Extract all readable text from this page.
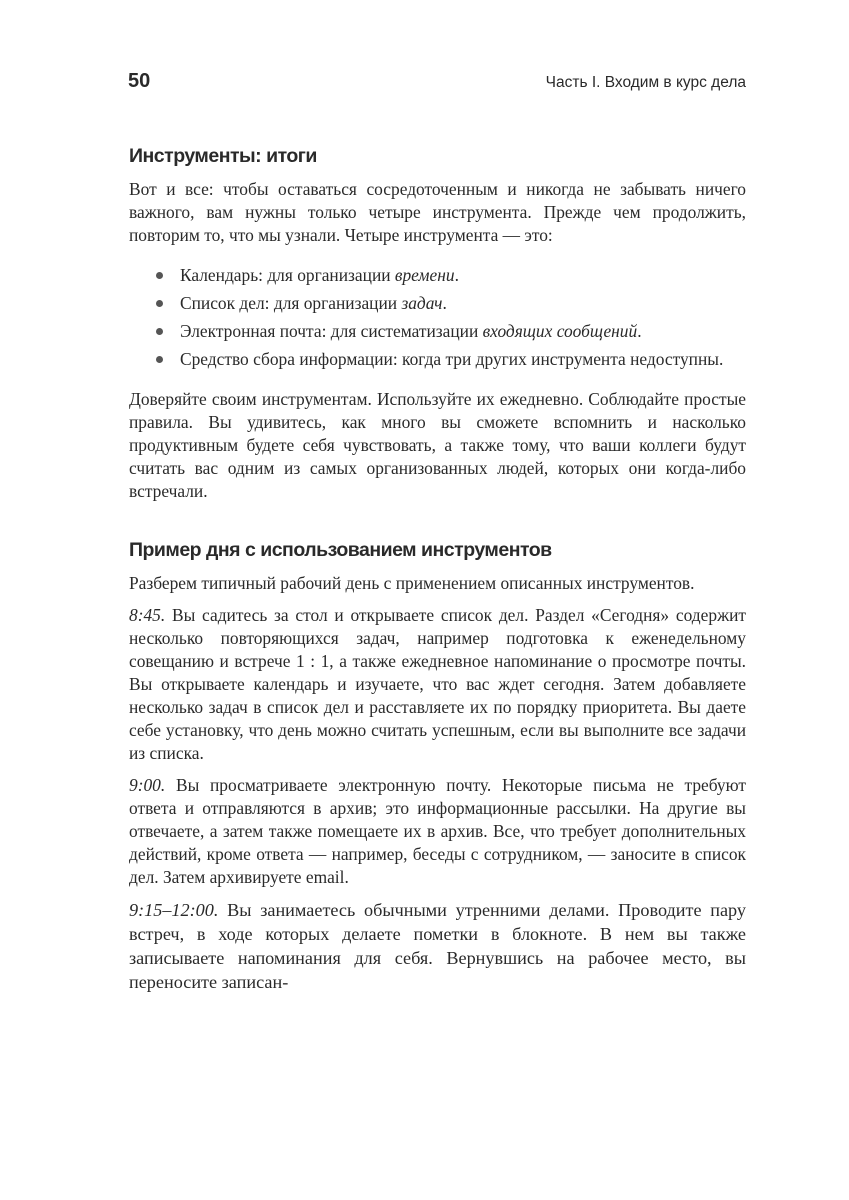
50	Часть I. Входим в курс дела
Инструменты: итоги

Вот и все: чтобы оставаться сосредоточенным и никогда не забывать ничего важного, вам нужны только четыре инструмента. Прежде чем продолжить, повторим то, что мы узнали. Четыре инструмента — это:

Календарь: для организации времени.
Список дел: для организации задач.
Электронная почта: для систематизации входящих сообщений.
Средство сбора информации: когда три других инструмента недоступны.

Доверяйте своим инструментам. Используйте их ежедневно. Соблюдайте простые правила. Вы удивитесь, как много вы сможете вспомнить и насколько продуктивным будете себя чувствовать, а также тому, что ваши коллеги будут считать вас одним из самых организованных людей, которых они когда-либо встречали.

Пример дня с использованием инструментов

Разберем типичный рабочий день с применением описанных инструментов.

8:45. Вы садитесь за стол и открываете список дел. Раздел «Сегодня» содержит несколько повторяющихся задач, например подготовка к еженедельному совещанию и встрече 1 : 1, а также ежедневное напоминание о просмотре почты. Вы открываете календарь и изучаете, что вас ждет сегодня. Затем добавляете несколько задач в список дел и расставляете их по порядку приоритета. Вы даете себе установку, что день можно считать успешным, если вы выполните все задачи из списка.

9:00. Вы просматриваете электронную почту. Некоторые письма не требуют ответа и отправляются в архив; это информационные рассылки. На другие вы отвечаете, а затем также помещаете их в архив. Все, что требует дополнительных действий, кроме ответа — например, беседы с сотрудником, — заносите в список дел. Затем архивируете email.

9:15–12:00. Вы занимаетесь обычными утренними делами. Проводите пару встреч, в ходе которых делаете пометки в блокноте. В нем вы также записываете напоминания для себя. Вернувшись на рабочее место, вы переносите записан-
